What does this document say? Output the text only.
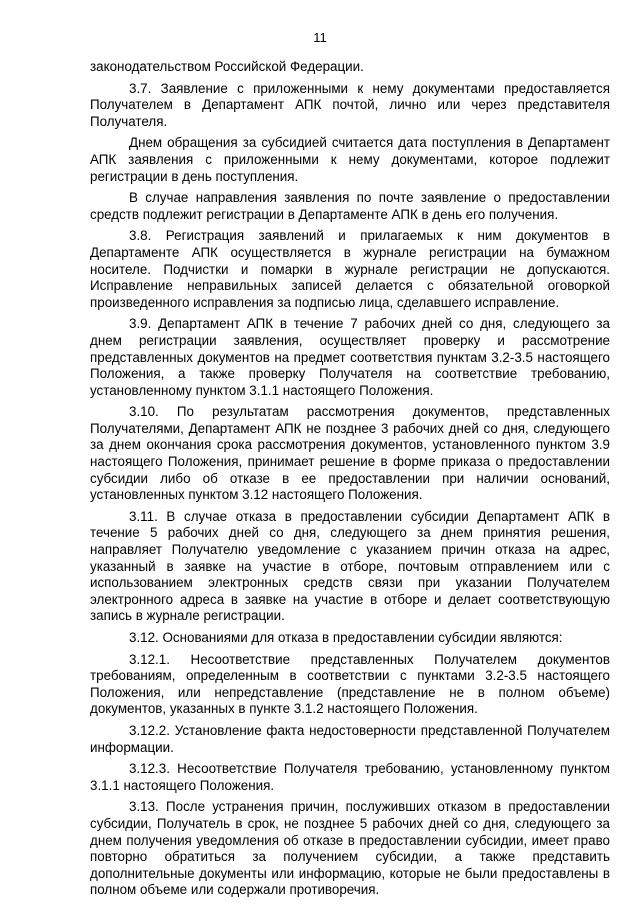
11

законодательством Российской Федерации.

3.7. Заявление с приложенными к нему документами предоставляется Получателем в Департамент АПК почтой, лично или через представителя Получателя.

Днем обращения за субсидией считается дата поступления в Департамент АПК заявления с приложенными к нему документами, которое подлежит регистрации в день поступления.

В случае направления заявления по почте заявление о предоставлении средств подлежит регистрации в Департаменте АПК в день его получения.

3.8. Регистрация заявлений и прилагаемых к ним документов в Департаменте АПК осуществляется в журнале регистрации на бумажном носителе. Подчистки и помарки в журнале регистрации не допускаются. Исправление неправильных записей делается с обязательной оговоркой произведенного исправления за подписью лица, сделавшего исправление.

3.9. Департамент АПК в течение 7 рабочих дней со дня, следующего за днем регистрации заявления, осуществляет проверку и рассмотрение представленных документов на предмет соответствия пунктам 3.2-3.5 настоящего Положения, а также проверку Получателя на соответствие требованию, установленному пунктом 3.1.1 настоящего Положения.

3.10. По результатам рассмотрения документов, представленных Получателями, Департамент АПК не позднее 3 рабочих дней со дня, следующего за днем окончания срока рассмотрения документов, установленного пунктом 3.9 настоящего Положения, принимает решение в форме приказа о предоставлении субсидии либо об отказе в ее предоставлении при наличии оснований, установленных пунктом 3.12 настоящего Положения.

3.11. В случае отказа в предоставлении субсидии Департамент АПК в течение 5 рабочих дней со дня, следующего за днем принятия решения, направляет Получателю уведомление с указанием причин отказа на адрес, указанный в заявке на участие в отборе, почтовым отправлением или с использованием электронных средств связи при указании Получателем электронного адреса в заявке на участие в отборе и делает соответствующую запись в журнале регистрации.

3.12. Основаниями для отказа в предоставлении субсидии являются:

3.12.1. Несоответствие представленных Получателем документов требованиям, определенным в соответствии с пунктами 3.2-3.5 настоящего Положения, или непредставление (представление не в полном объеме) документов, указанных в пункте 3.1.2 настоящего Положения.

3.12.2. Установление факта недостоверности представленной Получателем информации.

3.12.3. Несоответствие Получателя требованию, установленному пунктом 3.1.1 настоящего Положения.

3.13. После устранения причин, послуживших отказом в предоставлении субсидии, Получатель в срок, не позднее 5 рабочих дней со дня, следующего за днем получения уведомления об отказе в предоставлении субсидии, имеет право повторно обратиться за получением субсидии, а также представить дополнительные документы или информацию, которые не были предоставлены в полном объеме или содержали противоречия.
